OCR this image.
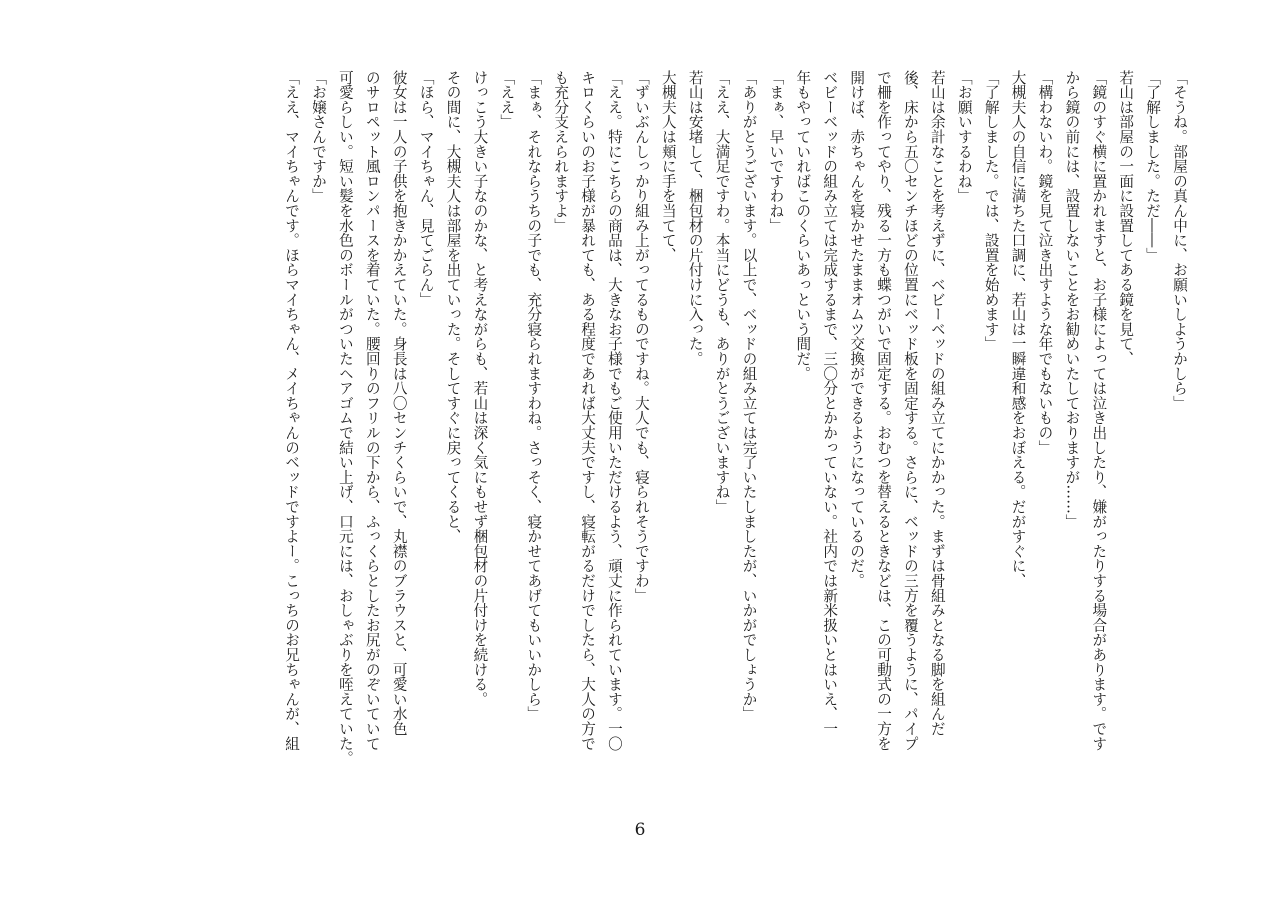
「そうね。部屋の真ん中に、お願いしようかしら」

「了解しました。ただ――」

若山は部屋の一面に設置してある鏡を見て、

「鏡のすぐ横に置かれますと、お子様によっては泣き出したり、嫌がったりする場合があります。です

から鏡の前には、設置しないことをお勧めいたしておりますが……」

「構わないわ。鏡を見て泣き出すような年でもないもの」

大槻夫人の自信に満ちた口調に、若山は一瞬違和感をおぼえる。だがすぐに、

「了解しました。では、設置を始めます」

「お願いするわね」

若山は余計なことを考えずに、ベビーベッドの組み立てにかかった。まずは骨組みとなる脚を組んだ

後、床から五〇センチほどの位置にベッド板を固定する。さらに、ベッドの三方を覆うように、パイプ

で柵を作ってやり、残る一方も蝶つがいで固定する。おむつを替えるときなどは、この可動式の一方を

開けば、赤ちゃんを寝かせたままオムツ交換ができるようになっているのだ。

ベビーベッドの組み立ては完成するまで、三〇分とかかっていない。社内では新米扱いとはいえ、一

年もやっていればこのくらいあっという間だ。

「まぁ、早いですわね」

「ありがとうございます。以上で、ベッドの組み立ては完了いたしましたが、いかがでしょうか」

「ええ、大満足ですわ。本当にどうも、ありがとうございますね」

若山は安堵して、梱包材の片付けに入った。

大槻夫人は頬に手を当てて、

「ずいぶんしっかり組み上がってるものですね。大人でも、寝られそうですわ」

「ええ。特にこちらの商品は、大きなお子様でもご使用いただけるよう、頑丈に作られています。一〇

キロくらいのお子様が暴れても、ある程度であれば大丈夫ですし、寝転がるだけでしたら、大人の方で

も充分支えられますよ」

「まぁ、それならうちの子でも、充分寝られますわね。さっそく、寝かせてあげてもいいかしら」

「ええ」

けっこう大きい子なのかな、と考えながらも、若山は深く気にもせず梱包材の片付けを続ける。

その間に、大槻夫人は部屋を出ていった。そしてすぐに戻ってくると、

「ほら、マイちゃん、見てごらん」

彼女は一人の子供を抱きかかえていた。身長は八〇センチくらいで、丸襟のブラウスと、可愛い水色

のサロペット風ロンパースを着ていた。腰回りのフリルの下から、ふっくらとしたお尻がのぞいていて

可愛らしい。短い髪を水色のボールがついたヘアゴムで結い上げ、口元には、おしゃぶりを咥えていた。

「お嬢さんですか」

「ええ、マイちゃんです。ほらマイちゃん、メイちゃんのベッドですよー。こっちのお兄ちゃんが、組

6
